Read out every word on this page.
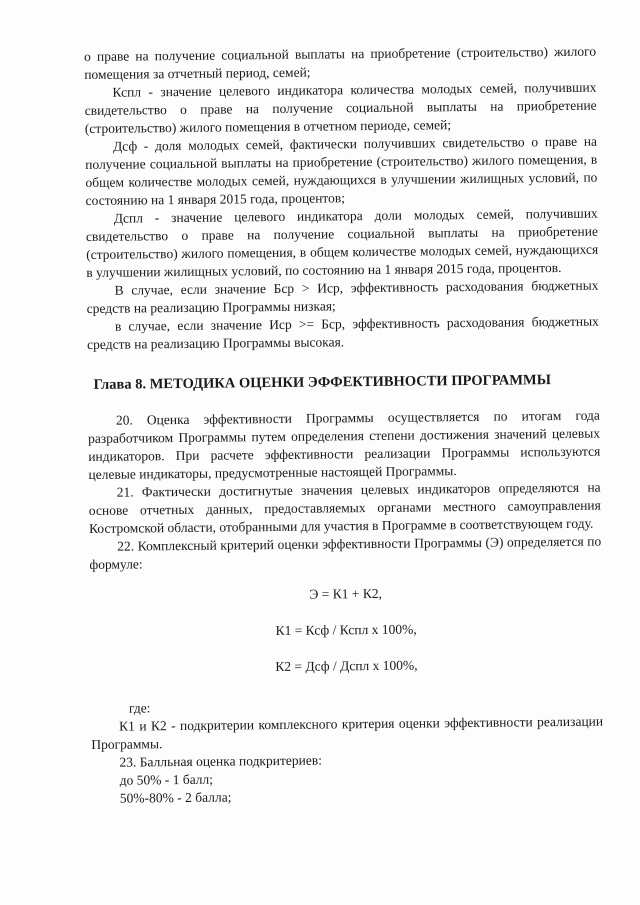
о праве на получение социальной выплаты на приобретение (строительство) жилого помещения за отчетный период, семей;

Кспл - значение целевого индикатора количества молодых семей, получивших свидетельство о праве на получение социальной выплаты на приобретение (строительство) жилого помещения в отчетном периоде, семей;

Дсф - доля молодых семей, фактически получивших свидетельство о праве на получение социальной выплаты на приобретение (строительство) жилого помещения, в общем количестве молодых семей, нуждающихся в улучшении жилищных условий, по состоянию на 1 января 2015 года, процентов;

Дспл - значение целевого индикатора доли молодых семей, получивших свидетельство о праве на получение социальной выплаты на приобретение (строительство) жилого помещения, в общем количестве молодых семей, нуждающихся в улучшении жилищных условий, по состоянию на 1 января 2015 года, процентов.

В случае, если значение Бср > Иср, эффективность расходования бюджетных средств на реализацию Программы низкая;

в случае, если значение Иср >= Бср, эффективность расходования бюджетных средств на реализацию Программы высокая.

Глава 8. МЕТОДИКА ОЦЕНКИ ЭФФЕКТИВНОСТИ ПРОГРАММЫ

20. Оценка эффективности Программы осуществляется по итогам года разработчиком Программы путем определения степени достижения значений целевых индикаторов. При расчете эффективности реализации Программы используются целевые индикаторы, предусмотренные настоящей Программы.

21. Фактически достигнутые значения целевых индикаторов определяются на основе отчетных данных, предоставляемых органами местного самоуправления Костромской области, отобранными для участия в Программе в соответствующем году.

22. Комплексный критерий оценки эффективности Программы (Э) определяется по формуле:

Э = К1 + К2,

К1 = Ксф / Кспл х 100%,

К2 = Дсф / Дспл х 100%,

где:

К1 и К2 - подкритерии комплексного критерия оценки эффективности реализации Программы.

23. Балльная оценка подкритериев:

до 50% - 1 балл;

50%-80% - 2 балла;
